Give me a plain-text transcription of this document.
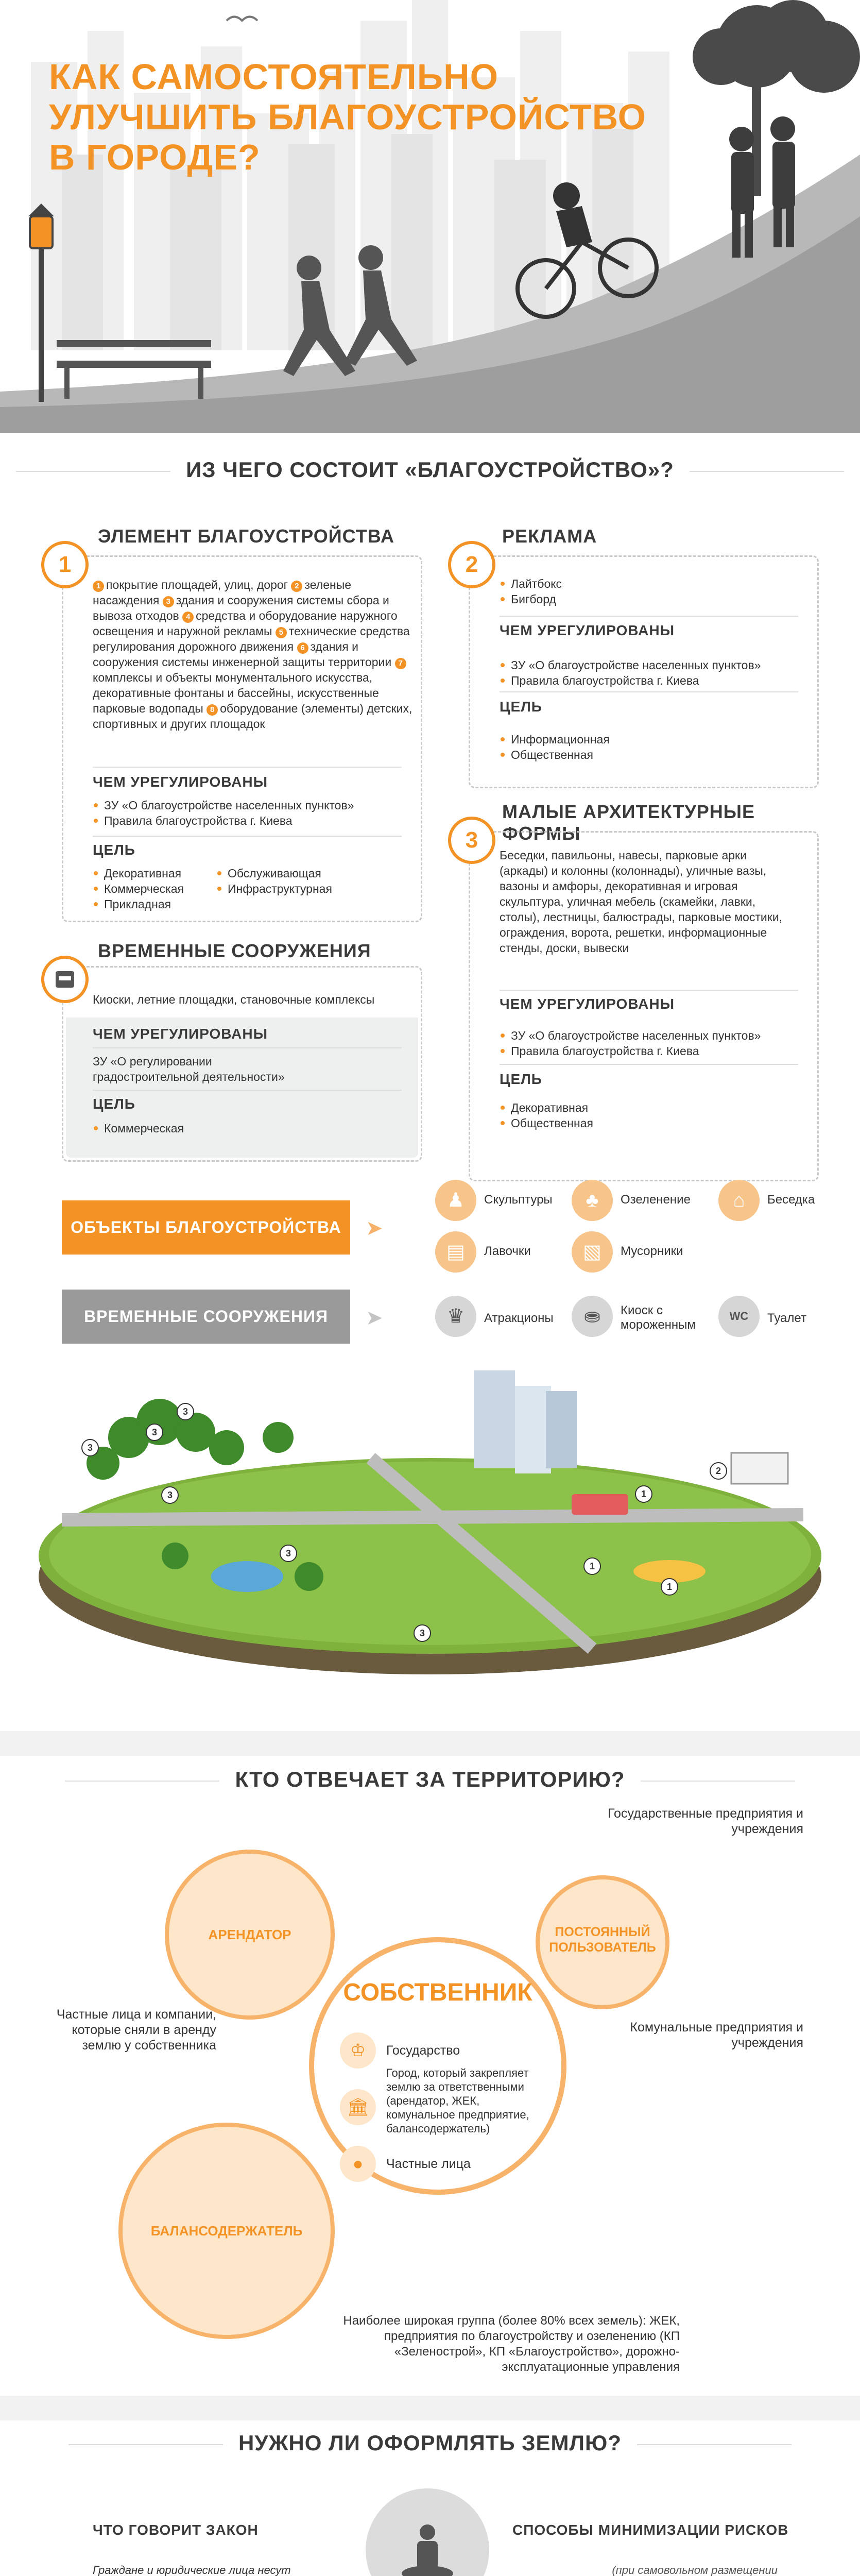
КАК САМОСТОЯТЕЛЬНО
УЛУЧШИТЬ БЛАГОУСТРОЙСТВО
В ГОРОДЕ?
ИЗ ЧЕГО СОСТОИТ «БЛАГОУСТРОЙСТВО»?
ЭЛЕМЕНТ БЛАГОУСТРОЙСТВА
1
1 покрытие площадей, улиц, дорог 2 зеленые насаждения 3 здания и сооружения системы сбора и вывоза отходов 4 средства и оборудование наружного освещения и наружной рекламы 5 технические средства регулирования дорожного движения 6 здания и сооружения системы инженерной защиты территории 7комплексы и объекты монументального искусства, декоративные фонтаны и бассейны, искусственные парковые водопады 8 оборудование (элементы) детских, спортивных и других площадок
ЧЕМ УРЕГУЛИРОВАНЫ
ЗУ «О благоустройстве населенных пунктов»
Правила благоустройства г. Киева
ЦЕЛЬ
Декоративная
Коммерческая
Прикладная
Обслуживающая
Инфраструктурная
ВРЕМЕННЫЕ СООРУЖЕНИЯ
Киоски, летние площадки, становочные комплексы
ЧЕМ УРЕГУЛИРОВАНЫ
ЗУ «О регулировании градостроительной деятельности»
ЦЕЛЬ
Коммерческая
РЕКЛАМА
2
Лайтбокс
Бигборд
ЧЕМ УРЕГУЛИРОВАНЫ
ЗУ «О благоустройстве населенных пунктов»
Правила благоустройства г. Киева
ЦЕЛЬ
Информационная
Общественная
МАЛЫЕ АРХИТЕКТУРНЫЕ ФОРМЫ
3
Беседки, павильоны, навесы, парковые арки (аркады) и колонны (колоннады), уличные вазы, вазоны и амфоры, декоративная и игровая скульптура, уличная мебель (скамейки, лавки, столы), лестницы, балюстрады, парковые мостики, ограждения, ворота, решетки, информационные стенды, доски, вывески
ЧЕМ УРЕГУЛИРОВАНЫ
ЗУ «О благоустройстве населенных пунктов»
Правила благоустройства г. Киева
ЦЕЛЬ
Декоративная
Общественная
ОБЪЕКТЫ БЛАГОУСТРОЙСТВА	➤
ВРЕМЕННЫЕ СООРУЖЕНИЯ	➤
♟	Скульптуры	♣	Озеленение	⌂	Беседка
▤	Лавочки	▧	Мусорники
♛	Атракционы	⛂	Киоск с мороженным
WC	Туалет
3
3
3
3
3
3
2
1
1
1
КТО ОТВЕЧАЕТ ЗА ТЕРРИТОРИЮ?
Государственные предприятия и учреждения
АРЕНДАТОР	ПОСТОЯННЫЙ ПОЛЬЗОВАТЕЛЬ
Частные лица и компании, которые сняли в аренду землю у собственника
СОБСТВЕННИК
♔	Государство
🏛
Город, который закрепляет землю за ответственными (арендатор, ЖЕК, комунальное предприятие, балансодержатель)
●	Частные лица
Комунальные предприятия и учреждения
БАЛАНСОДЕРЖАТЕЛЬ
Наиболее широкая группа (более 80% всех земель): ЖЕК, предприятия по благоустройству и озеленению (КП «Зеленострой», КП «Благоустройство», дорожно-эксплуатационные управления
НУЖНО ЛИ ОФОРМЛЯТЬ ЗЕМЛЮ?
ЧТО ГОВОРИТ ЗАКОН	СПОСОБЫ МИНИМИЗАЦИИ РИСКОВ
Граждане и юридические лица несут	(при самовольном размещении
